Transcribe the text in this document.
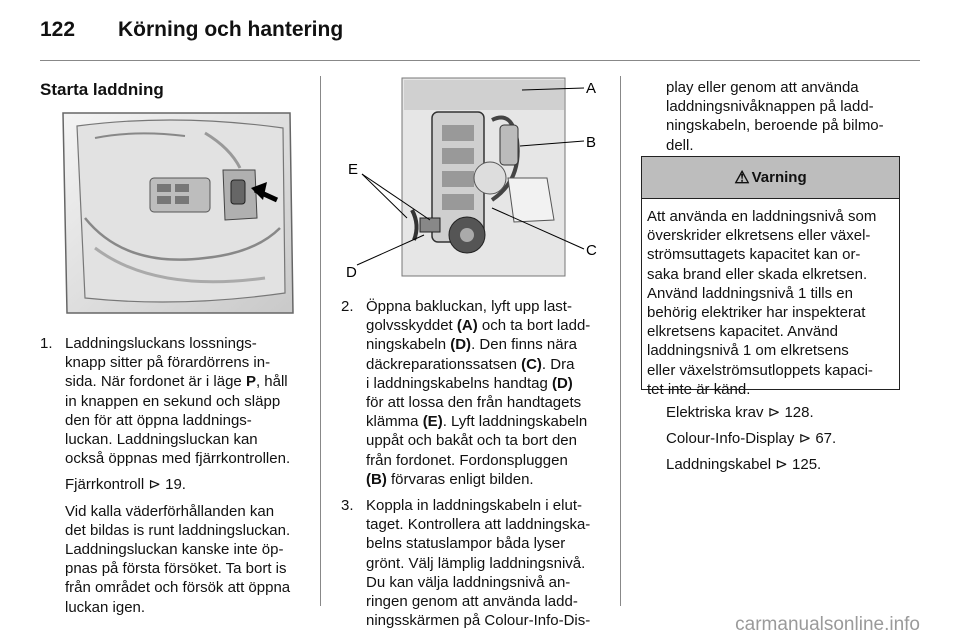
122 Körning och hantering
Starta laddning	A
B
C
D
E
1. Laddningsluckans lossnings-

knapp sitter på förardörrens in-

sida. När fordonet är i läge P, håll

in knappen en sekund och släpp

den för att öppna laddnings-

luckan. Laddningsluckan kan

också öppnas med fjärrkontrollen.

Fjärrkontroll ⊳ 19.

Vid kalla väderförhållanden kan

det bildas is runt laddningsluckan.

Laddningsluckan kanske inte öp-

pnas på första försöket. Ta bort is

från området och försök att öppna

luckan igen.

2. Öppna bakluckan, lyft upp last-

golvsskyddet (A) och ta bort ladd-

ningskabeln (D). Den finns nära

däckreparationssatsen (C). Dra

i laddningskabelns handtag (D)

för att lossa den från handtagets

klämma (E). Lyft laddningskabeln

uppåt och bakåt och ta bort den

från fordonet. Fordonspluggen

(B) förvaras enligt bilden.

3. Koppla in laddningskabeln i elut-

taget. Kontrollera att laddningska-

belns statuslampor båda lyser

grönt. Välj lämplig laddningsnivå.

Du kan välja laddningsnivå an-

ringen genom att använda ladd-

ningsskärmen på Colour-Info-Dis-

play eller genom att använda

laddningsnivåknappen på ladd-

ningskabeln, beroende på bilmo-

dell.

⚠ Varning

Att använda en laddningsnivå som

överskrider elkretsens eller växel-

strömsuttagets kapacitet kan or-

saka brand eller skada elkretsen.

Använd laddningsnivå 1 tills en

behörig elektriker har inspekterat

elkretsens kapacitet. Använd

laddningsnivå 1 om elkretsens

eller växelströmsutloppets kapaci-

tet inte är känd.

Elektriska krav ⊳ 128.

Colour-Info-Display ⊳ 67.

Laddningskabel ⊳ 125.

carmanualsonline.info
